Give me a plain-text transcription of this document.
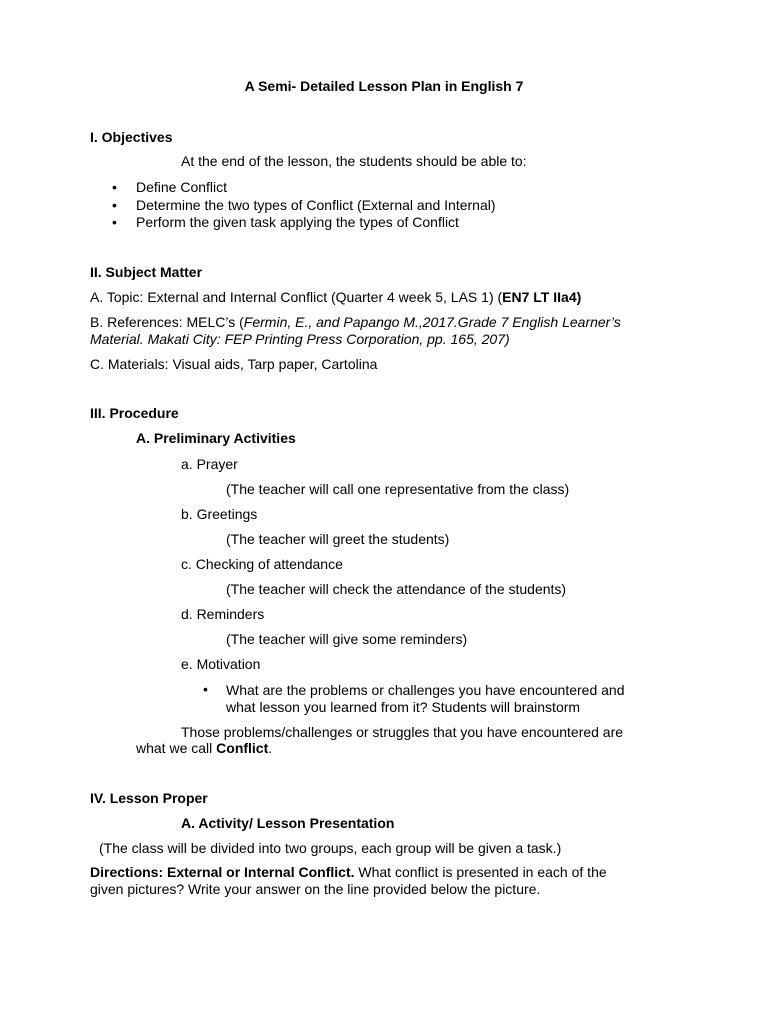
A Semi- Detailed Lesson Plan in English 7
I. Objectives
At the end of the lesson, the students should be able to:
• Define Conflict
• Determine the two types of Conflict (External and Internal)
• Perform the given task applying the types of Conflict
II. Subject Matter
A. Topic: External and Internal Conflict (Quarter 4 week 5, LAS 1) (EN7 LT IIa4)
B. References: MELC’s (Fermin, E., and Papango M.,2017.Grade 7 English Learner’s
Material. Makati City: FEP Printing Press Corporation, pp. 165, 207)
C. Materials: Visual aids, Tarp paper, Cartolina
III. Procedure
A. Preliminary Activities
a. Prayer
(The teacher will call one representative from the class)
b. Greetings
(The teacher will greet the students)
c. Checking of attendance
(The teacher will check the attendance of the students)
d. Reminders
(The teacher will give some reminders)
e. Motivation
• What are the problems or challenges you have encountered and
what lesson you learned from it? Students will brainstorm
Those problems/challenges or struggles that you have encountered are
what we call Conflict.
IV. Lesson Proper
A. Activity/ Lesson Presentation
(The class will be divided into two groups, each group will be given a task.)
Directions: External or Internal Conflict. What conflict is presented in each of the
given pictures? Write your answer on the line provided below the picture.
